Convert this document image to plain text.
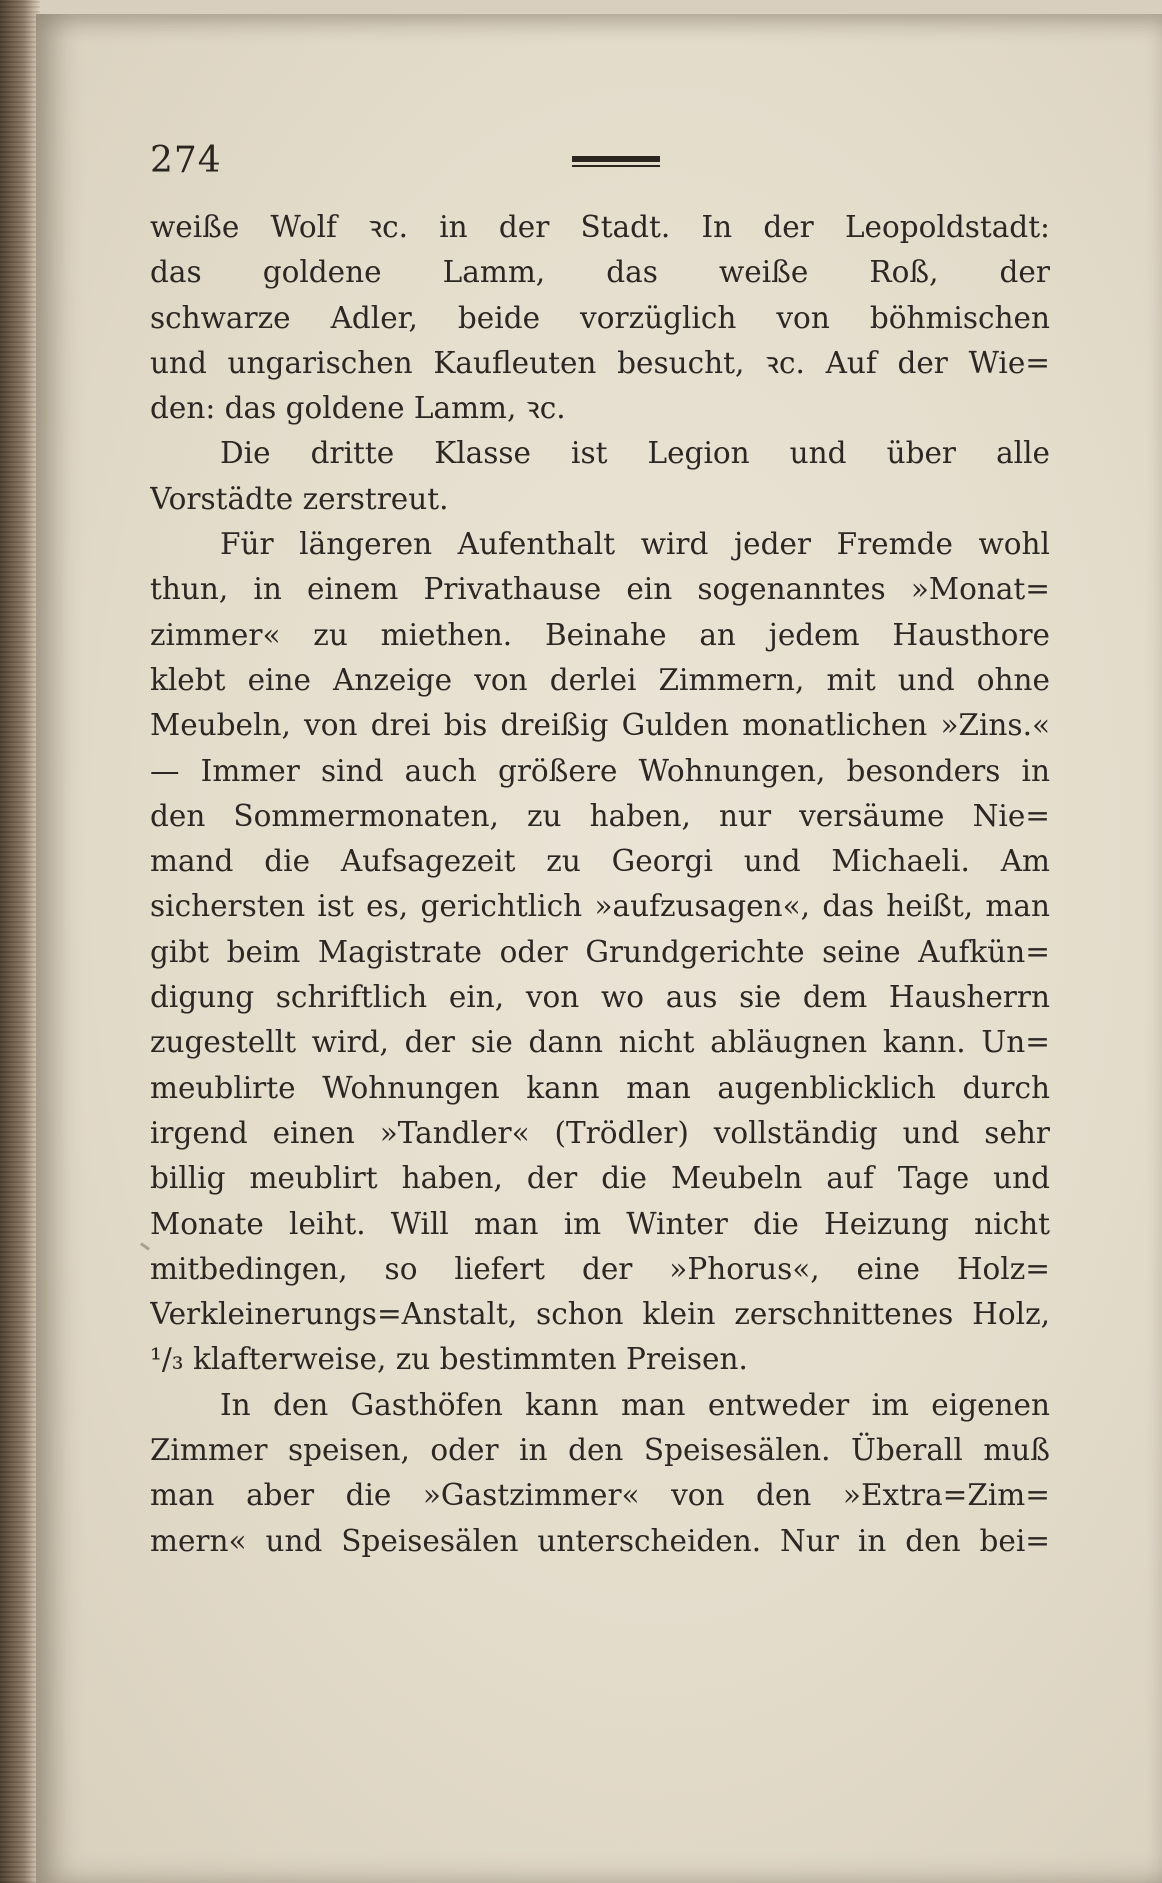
274
weiße Wolf ꝛc. in der Stadt. In der Leopoldstadt:
das goldene Lamm, das weiße Roß, der
schwarze Adler, beide vorzüglich von böhmischen
und ungarischen Kaufleuten besucht, ꝛc. Auf der Wie=
den: das goldene Lamm, ꝛc.
Die dritte Klasse ist Legion und über alle
Vorstädte zerstreut.
Für längeren Aufenthalt wird jeder Fremde wohl
thun, in einem Privathause ein sogenanntes »Monat=
zimmer« zu miethen. Beinahe an jedem Hausthore
klebt eine Anzeige von derlei Zimmern, mit und ohne
Meubeln, von drei bis dreißig Gulden monatlichen »Zins.«
— Immer sind auch größere Wohnungen, besonders in
den Sommermonaten, zu haben, nur versäume Nie=
mand die Aufsagezeit zu Georgi und Michaeli. Am
sichersten ist es, gerichtlich »aufzusagen«, das heißt, man
gibt beim Magistrate oder Grundgerichte seine Aufkün=
digung schriftlich ein, von wo aus sie dem Hausherrn
zugestellt wird, der sie dann nicht abläugnen kann. Un=
meublirte Wohnungen kann man augenblicklich durch
irgend einen »Tandler« (Trödler) vollständig und sehr
billig meublirt haben, der die Meubeln auf Tage und
Monate leiht. Will man im Winter die Heizung nicht
mitbedingen, so liefert der »Phorus«, eine Holz=
Verkleinerungs=Anstalt, schon klein zerschnittenes Holz,
¹/₃ klafterweise, zu bestimmten Preisen.
In den Gasthöfen kann man entweder im eigenen
Zimmer speisen, oder in den Speisesälen. Überall muß
man aber die »Gastzimmer« von den »Extra=Zim=
mern« und Speisesälen unterscheiden. Nur in den bei=
